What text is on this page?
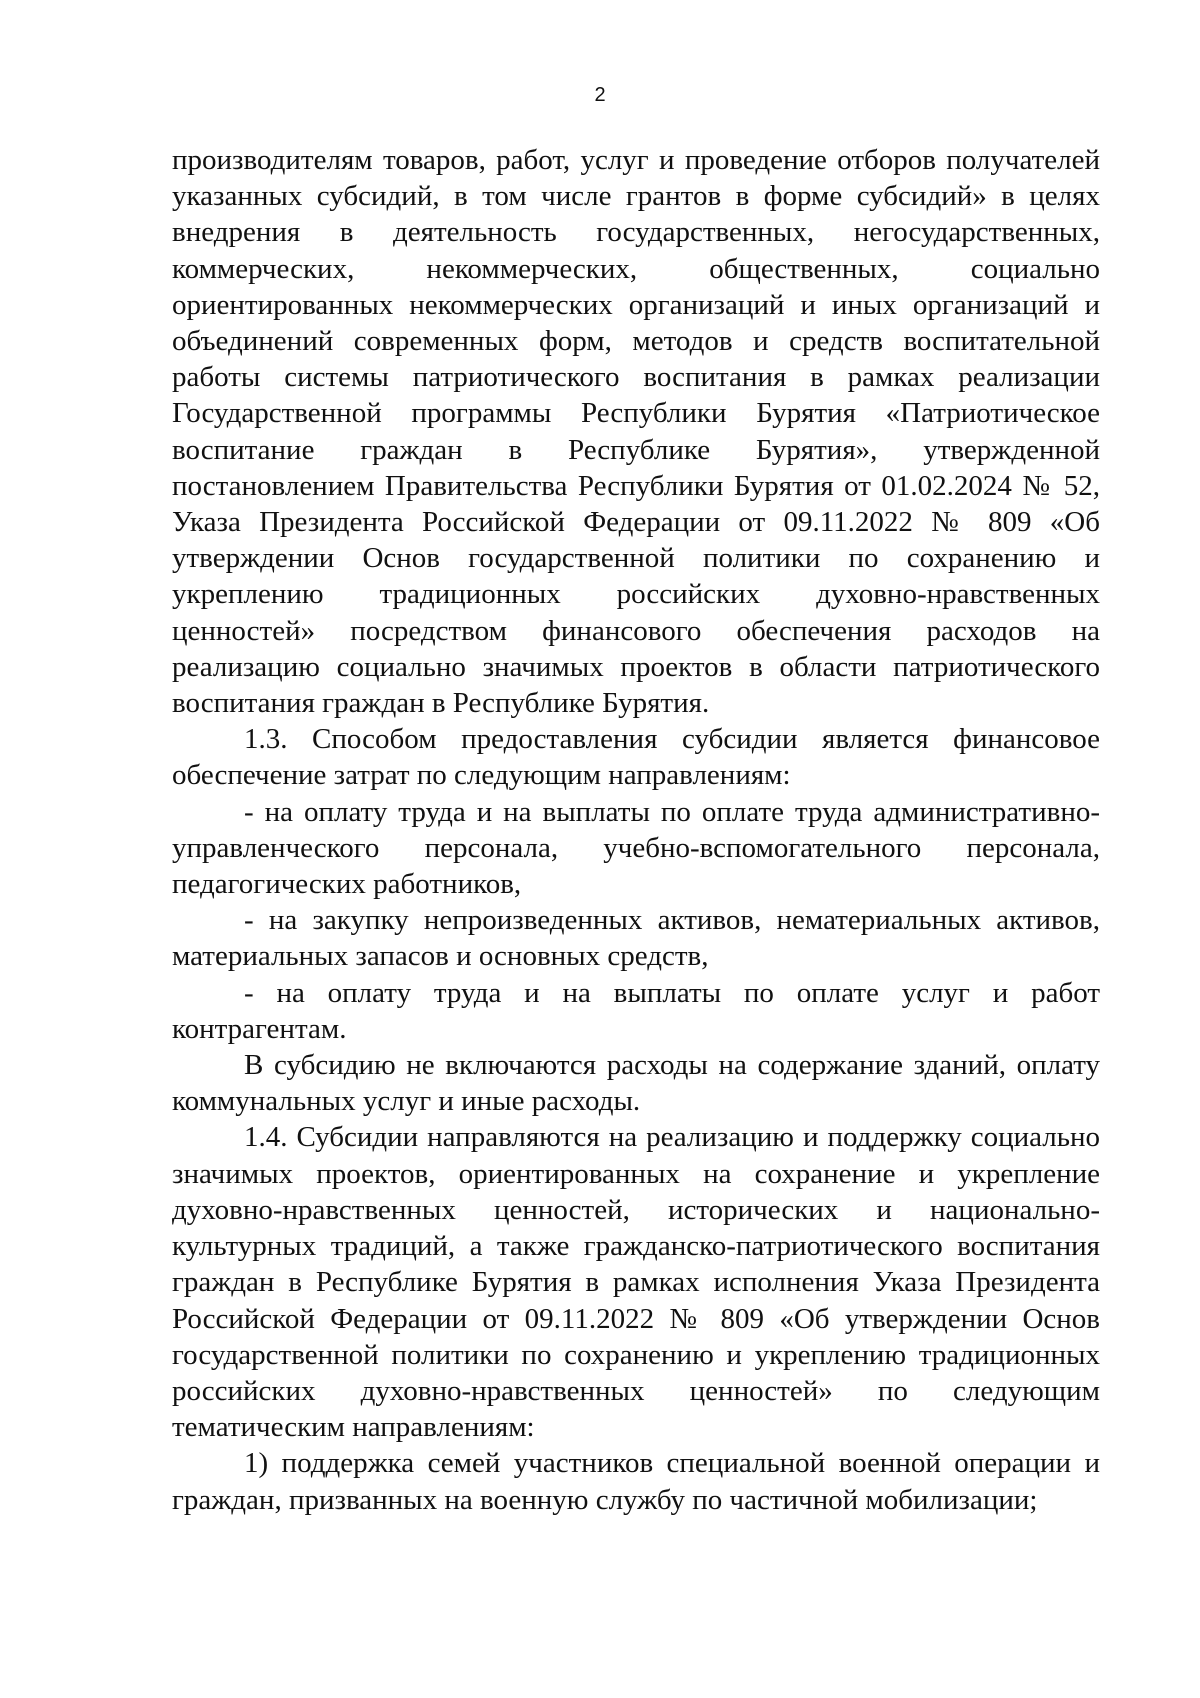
2

производителям товаров, работ, услуг и проведение отборов получателей указанных субсидий, в том числе грантов в форме субсидий» в целях внедрения в деятельность государственных, негосударственных, коммерческих, некоммерческих, общественных, социально ориентированных некоммерческих организаций и иных организаций и объединений современных форм, методов и средств воспитательной работы системы патриотического воспитания в рамках реализации Государственной программы Республики Бурятия «Патриотическое воспитание граждан в Республике Бурятия», утвержденной постановлением Правительства Республики Бурятия от 01.02.2024 № 52, Указа Президента Российской Федерации от 09.11.2022 № 809 «Об утверждении Основ государственной политики по сохранению и укреплению традиционных российских духовно-нравственных ценностей» посредством финансового обеспечения расходов на реализацию социально значимых проектов в области патриотического воспитания граждан в Республике Бурятия.

1.3. Способом предоставления субсидии является финансовое обеспечение затрат по следующим направлениям:

- на оплату труда и на выплаты по оплате труда административно-управленческого персонала, учебно-вспомогательного персонала, педагогических работников,

- на закупку непроизведенных активов, нематериальных активов, материальных запасов и основных средств,

- на оплату труда и на выплаты по оплате услуг и работ контрагентам.

В субсидию не включаются расходы на содержание зданий, оплату коммунальных услуг и иные расходы.

1.4. Субсидии направляются на реализацию и поддержку социально значимых проектов, ориентированных на сохранение и укрепление духовно-нравственных ценностей, исторических и национально-культурных традиций, а также гражданско-патриотического воспитания граждан в Республике Бурятия в рамках исполнения Указа Президента Российской Федерации от 09.11.2022 № 809 «Об утверждении Основ государственной политики по сохранению и укреплению традиционных российских духовно-нравственных ценностей» по следующим тематическим направлениям:

1) поддержка семей участников специальной военной операции и граждан, призванных на военную службу по частичной мобилизации;
